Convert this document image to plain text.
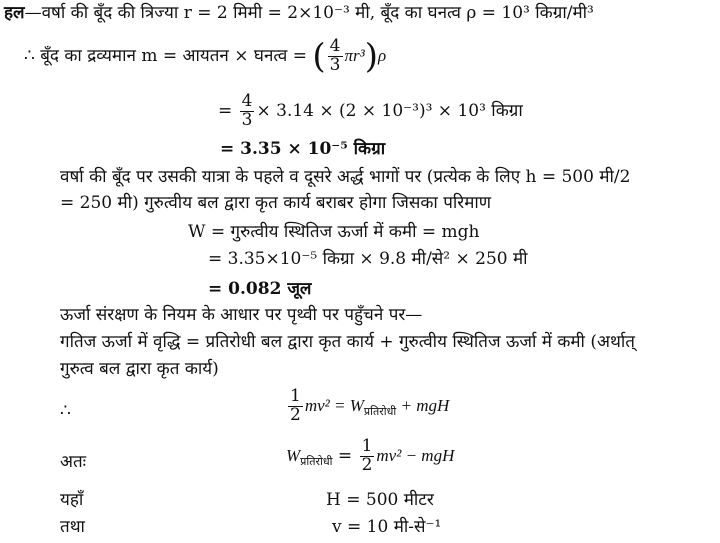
हल—वर्षा की बूँद की त्रिज्या r = 2 मिमी = 2×10⁻³ मी, बूँद का घनत्व ρ = 10³ किग्रा/मी³
∴ बूँद का द्रव्यमान m = आयतन × घनत्व = ( $\frac{4}{3} \pi r^3)\rho$
= $\frac{4}{3} \times 3.14 \times (2 \times 10^{-3})^3 \times 10^3$ किग्रा
= 3.35 × 10⁻⁵ किग्रा
वर्षा की बूँद पर उसकी यात्रा के पहले व दूसरे अर्द्ध भागों पर (प्रत्येक के लिए h = 500 मी/2
= 250 मी) गुरुत्वीय बल द्वारा कृत कार्य बराबर होगा जिसका परिमाण
W = गुरुत्वीय स्थितिज ऊर्जा में कमी = mgh
= 3.35×10⁻⁵ किग्रा × 9.8 मी/से² × 250 मी
= 0.082 जूल
ऊर्जा संरक्षण के नियम के आधार पर पृथ्वी पर पहुँचने पर—
गतिज ऊर्जा में वृद्धि = प्रतिरोधी बल द्वारा कृत कार्य + गुरुत्वीय स्थितिज ऊर्जा में कमी (अर्थात्
गुरुत्व बल द्वारा कृत कार्य)
∴	$\frac{1}{2} mv^2 = W_{प्रतिरोधी}$ + mgH
अतः	$W_{प्रतिरोधी} = \frac{1}{2} mv^2$ − mgH
यहाँ	H = 500 मीटर
तथा	v = 10 मी-से⁻¹
